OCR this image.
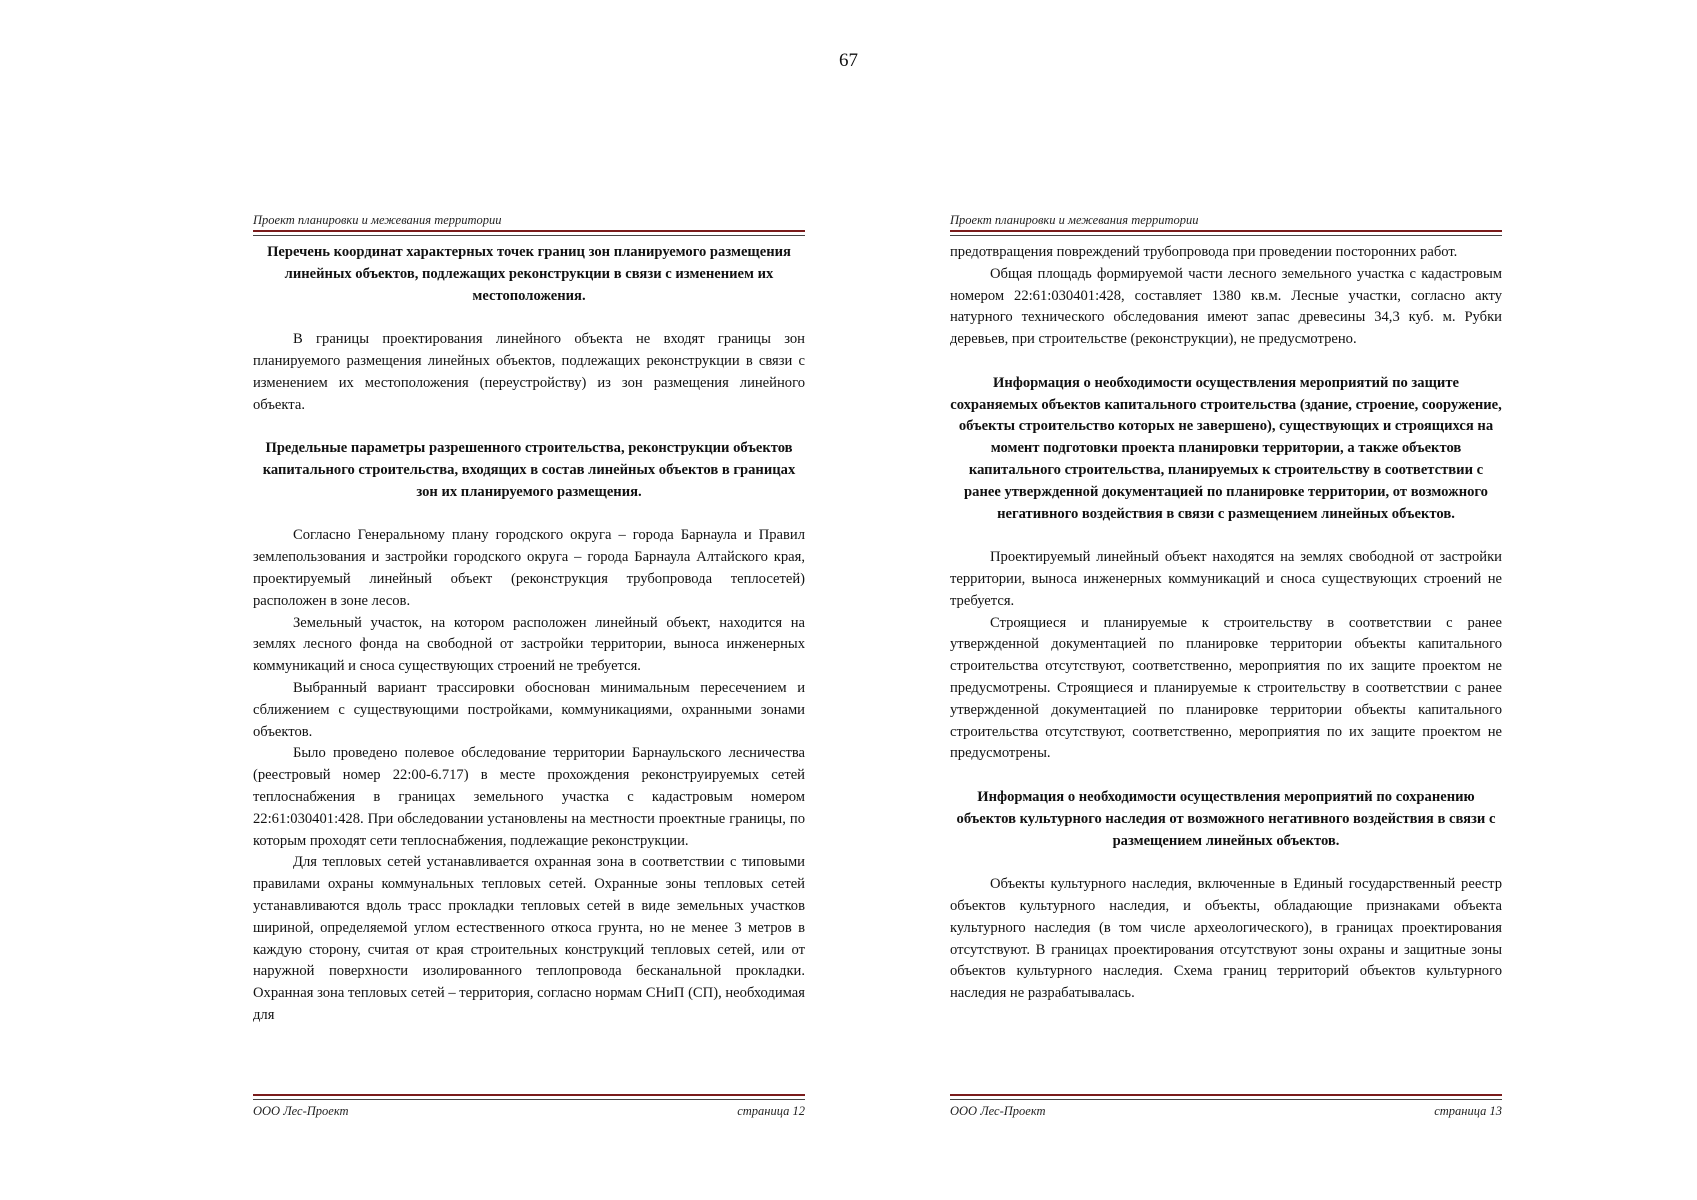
67
Проект планировки и межевания территории
Перечень координат характерных точек границ зон планируемого размещения линейных объектов, подлежащих реконструкции в связи с изменением их местоположения.

В границы проектирования линейного объекта не входят границы зон планируемого размещения линейных объектов, подлежащих реконструкции в связи с изменением их местоположения (переустройству) из зон размещения линейного объекта.

Предельные параметры разрешенного строительства, реконструкции объектов капитального строительства, входящих в состав линейных объектов в границах зон их планируемого размещения.

Согласно Генеральному плану городского округа – города Барнаула и Правил землепользования и застройки городского округа – города Барнаула Алтайского края, проектируемый линейный объект (реконструкция трубопровода теплосетей) расположен в зоне лесов.

Земельный участок, на котором расположен линейный объект, находится на землях лесного фонда на свободной от застройки территории, выноса инженерных коммуникаций и сноса существующих строений не требуется.

Выбранный вариант трассировки обоснован минимальным пересечением и сближением с существующими постройками, коммуникациями, охранными зонами объектов.

Было проведено полевое обследование территории Барнаульского лесничества (реестровый номер 22:00-6.717) в месте прохождения реконструируемых сетей теплоснабжения в границах земельного участка с кадастровым номером 22:61:030401:428. При обследовании установлены на местности проектные границы, по которым проходят сети теплоснабжения, подлежащие реконструкции.

Для тепловых сетей устанавливается охранная зона в соответствии с типовыми правилами охраны коммунальных тепловых сетей. Охранные зоны тепловых сетей устанавливаются вдоль трасс прокладки тепловых сетей в виде земельных участков шириной, определяемой углом естественного откоса грунта, но не менее 3 метров в каждую сторону, считая от края строительных конструкций тепловых сетей, или от наружной поверхности изолированного теплопровода бесканальной прокладки. Охранная зона тепловых сетей – территория, согласно нормам СНиП (СП), необходимая для

ООО Лес-Проект	страница 12
Проект планировки и межевания территории

предотвращения повреждений трубопровода при проведении посторонних работ.

Общая площадь формируемой части лесного земельного участка с кадастровым номером 22:61:030401:428, составляет 1380 кв.м. Лесные участки, согласно акту натурного технического обследования имеют запас древесины 34,3 куб. м. Рубки деревьев, при строительстве (реконструкции), не предусмотрено.

Информация о необходимости осуществления мероприятий по защите сохраняемых объектов капитального строительства (здание, строение, сооружение, объекты строительство которых не завершено), существующих и строящихся на момент подготовки проекта планировки территории, а также объектов капитального строительства, планируемых к строительству в соответствии с ранее утвержденной документацией по планировке территории, от возможного негативного воздействия в связи с размещением линейных объектов.

Проектируемый линейный объект находятся на землях свободной от застройки территории, выноса инженерных коммуникаций и сноса существующих строений не требуется.

Строящиеся и планируемые к строительству в соответствии с ранее утвержденной документацией по планировке территории объекты капитального строительства отсутствуют, соответственно, мероприятия по их защите проектом не предусмотрены. Строящиеся и планируемые к строительству в соответствии с ранее утвержденной документацией по планировке территории объекты капитального строительства отсутствуют, соответственно, мероприятия по их защите проектом не предусмотрены.

Информация о необходимости осуществления мероприятий по сохранению объектов культурного наследия от возможного негативного воздействия в связи с размещением линейных объектов.

Объекты культурного наследия, включенные в Единый государственный реестр объектов культурного наследия, и объекты, обладающие признаками объекта культурного наследия (в том числе археологического), в границах проектирования отсутствуют. В границах проектирования отсутствуют зоны охраны и защитные зоны объектов культурного наследия. Схема границ территорий объектов культурного наследия не разрабатывалась.

ООО Лес-Проект	страница 13
